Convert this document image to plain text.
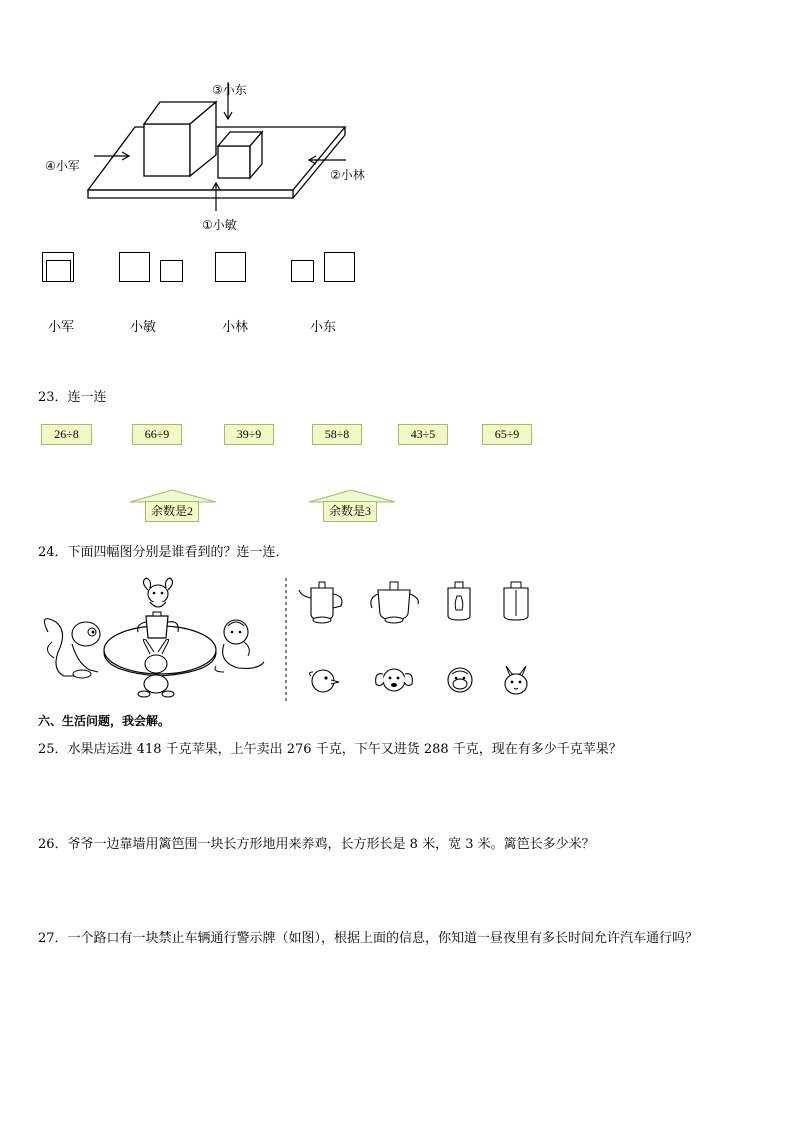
③小东
④小军
②小林
①小敏
小军	小敏	小林	小东
23．连一连
26÷8	66÷9	39÷9	58÷8	43÷5	65÷9
余数是2	余数是3
24．下面四幅图分别是谁看到的？连一连．
六、生活问题，我会解。
25．水果店运进 418 千克苹果，上午卖出 276 千克，下午又进货 288 千克，现在有多少千克苹果？
26．爷爷一边靠墙用篱笆围一块长方形地用来养鸡，长方形长是 8 米，宽 3 米。篱笆长多少米？
27．一个路口有一块禁止车辆通行警示牌（如图），根据上面的信息，你知道一昼夜里有多长时间允许汽车通行吗？
